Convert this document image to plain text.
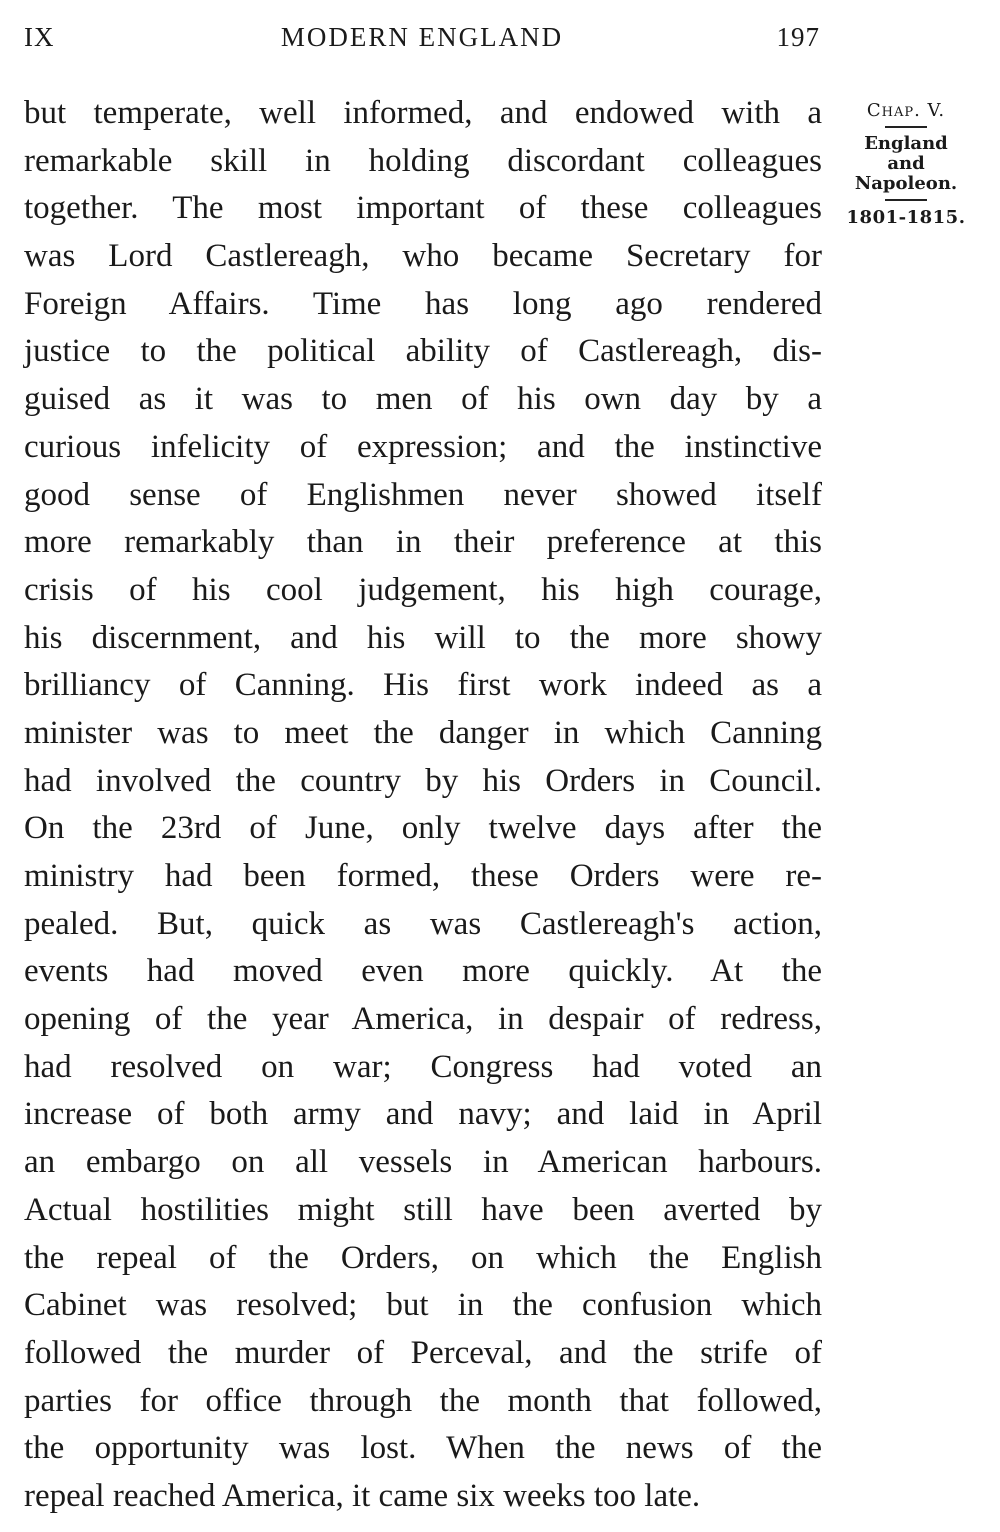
IX	MODERN ENGLAND	197
Chap. V.
England
and
Napoleon.
1801-1815.
but temperate, well informed, and endowed with a
remarkable skill in holding discordant colleagues
together. The most important of these colleagues
was Lord Castlereagh, who became Secretary for
Foreign Affairs. Time has long ago rendered
justice to the political ability of Castlereagh, dis-
guised as it was to men of his own day by a
curious infelicity of expression; and the instinctive
good sense of Englishmen never showed itself
more remarkably than in their preference at this
crisis of his cool judgement, his high courage,
his discernment, and his will to the more showy
brilliancy of Canning. His first work indeed as a
minister was to meet the danger in which Canning
had involved the country by his Orders in Council.
On the 23rd of June, only twelve days after the
ministry had been formed, these Orders were re-
pealed. But, quick as was Castlereagh's action,
events had moved even more quickly. At the
opening of the year America, in despair of redress,
had resolved on war; Congress had voted an
increase of both army and navy; and laid in April
an embargo on all vessels in American harbours.
Actual hostilities might still have been averted by
the repeal of the Orders, on which the English
Cabinet was resolved; but in the confusion which
followed the murder of Perceval, and the strife of
parties for office through the month that followed,
the opportunity was lost. When the news of the
repeal reached America, it came six weeks too late.
